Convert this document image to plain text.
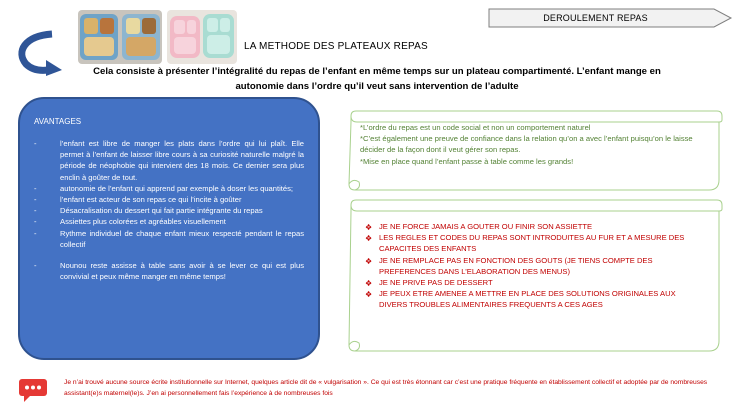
DEROULEMENT REPAS
LA METHODE DES PLATEAUX REPAS
Cela consiste à présenter l’intégralité du repas de l’enfant en même temps sur un plateau compartimenté. L’enfant mange en autonomie dans l’ordre qu’il veut sans intervention de l’adulte
AVANTAGES
- l’enfant est libre de manger les plats dans l’ordre qui lui plaît. Elle permet à l’enfant de laisser libre cours à sa curiosité naturelle malgré la période de néophobie qui intervient des 18 mois. Ce dernier sera plus enclin à goûter de tout.
- autonomie de l’enfant qui apprend par exemple à doser les quantités;
- l’enfant est acteur de son repas ce qui l’incite à goûter
- Désacralisation du dessert qui fait partie intégrante du repas
- Assiettes plus colorées et agréables visuellement
- Rythme individuel de chaque enfant mieux respecté pendant le repas collectif
- Nounou reste assisse à table sans avoir à se lever ce qui est plus convivial et peux même manger en même temps!
*L’ordre du repas est un code social et non un comportement naturel
*C’est également une preuve de confiance dans la relation qu’on a avec l’enfant puisqu’on le laisse décider de la façon dont il veut gérer son repas.
*Mise en place quand l’enfant passe à table comme les grands!
❖ JE NE FORCE JAMAIS A GOUTER OU FINIR SON ASSIETTE
❖ LES REGLES ET CODES DU REPAS SONT INTRODUITES AU FUR ET A MESURE DES CAPACITES DES ENFANTS
❖ JE NE REMPLACE PAS EN FONCTION DES GOUTS (JE TIENS COMPTE DES PREFERENCES DANS L’ELABORATION DES MENUS)
❖ JE NE PRIVE PAS DE DESSERT
❖ JE PEUX ETRE AMENEE A METTRE EN PLACE DES SOLUTIONS ORIGINALES AUX DIVERS TROUBLES ALIMENTAIRES FREQUENTS A CES AGES
Je n’ai trouvé aucune source écrite institutionnelle sur Internet, quelques article dit de « vulgarisation ». Ce qui est très étonnant car c’est une pratique fréquente en établissement collectif et adoptée par de nombreuses assistant(e)s maternel(le)s. J’en ai personnellement fais l’expérience à de nombreuses fois
